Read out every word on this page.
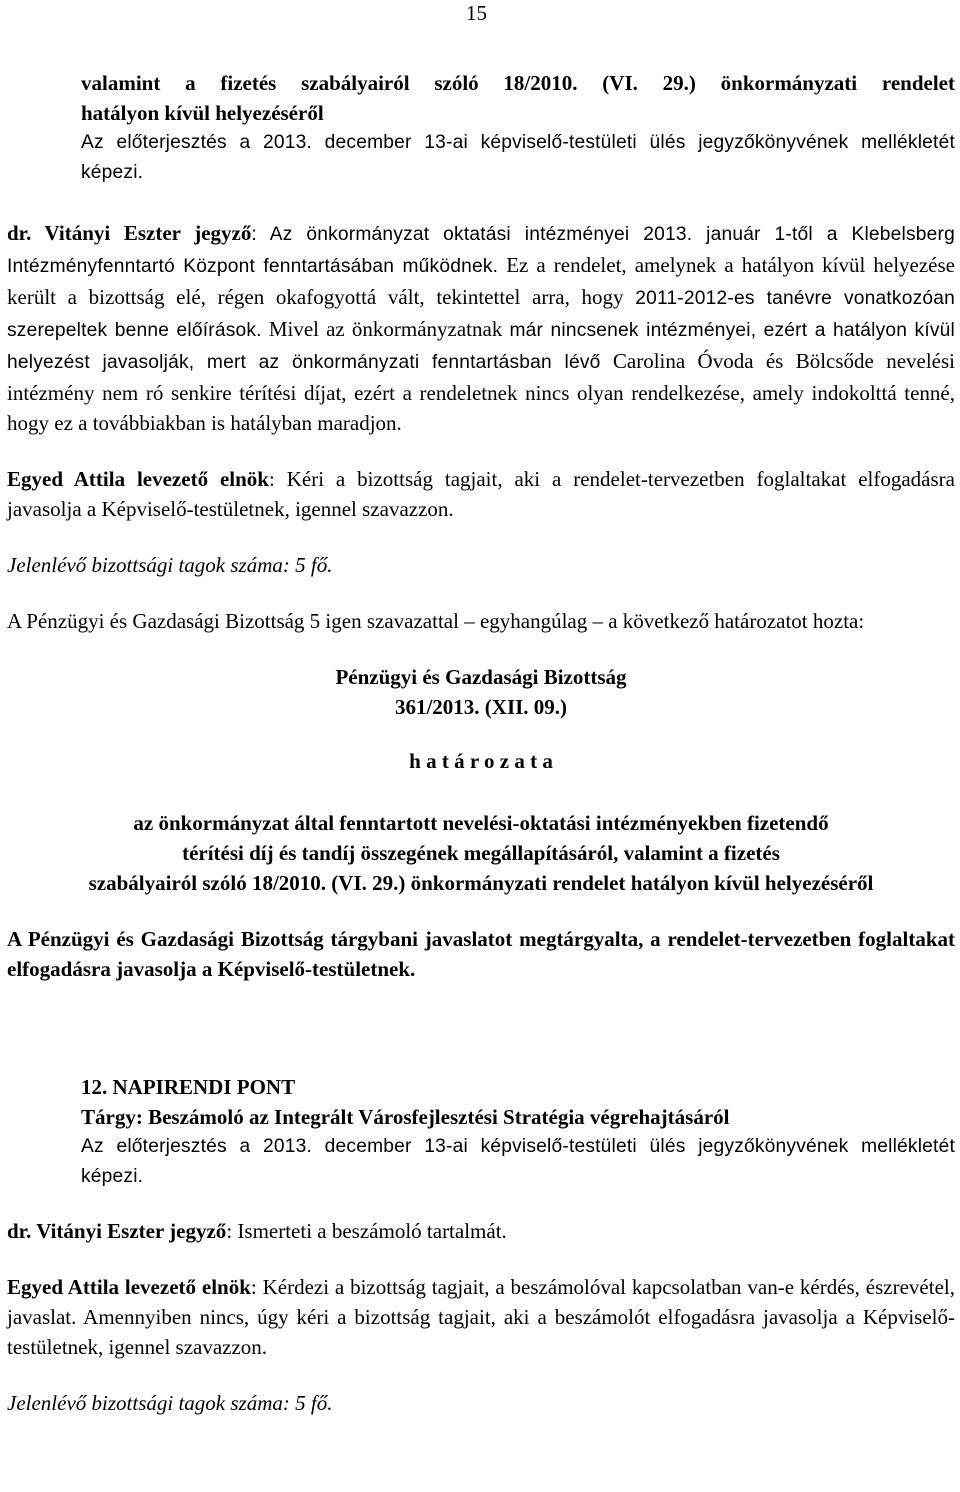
15

valamint a fizetés szabályairól szóló 18/2010. (VI. 29.) önkormányzati rendelet

hatályon kívül helyezéséről

Az előterjesztés a 2013. december 13-ai képviselő-testületi ülés jegyzőkönyvének mellékletét képezi.

dr. Vitányi Eszter jegyző: Az önkormányzat oktatási intézményei 2013. január 1-től a Klebelsberg Intézményfenntartó Központ fenntartásában működnek. Ez a rendelet, amelynek a hatályon kívül helyezése került a bizottság elé, régen okafogyottá vált, tekintettel arra, hogy 2011-2012-es tanévre vonatkozóan szerepeltek benne előírások. Mivel az önkormányzatnak már nincsenek intézményei, ezért a hatályon kívül helyezést javasolják, mert az önkormányzati fenntartásban lévő Carolina Óvoda és Bölcsőde nevelési intézmény nem ró senkire térítési díjat, ezért a rendeletnek nincs olyan rendelkezése, amely indokolttá tenné, hogy ez a továbbiakban is hatályban maradjon.

Egyed Attila levezető elnök: Kéri a bizottság tagjait, aki a rendelet-tervezetben foglaltakat elfogadásra javasolja a Képviselő-testületnek, igennel szavazzon.

Jelenlévő bizottsági tagok száma: 5 fő.

A Pénzügyi és Gazdasági Bizottság 5 igen szavazattal – egyhangúlag – a következő határozatot hozta:

Pénzügyi és Gazdasági Bizottság

361/2013. (XII. 09.)

h a t á r o z a t a

az önkormányzat által fenntartott nevelési-oktatási intézményekben fizetendő

térítési díj és tandíj összegének megállapításáról, valamint a fizetés

szabályairól szóló 18/2010. (VI. 29.) önkormányzati rendelet hatályon kívül helyezéséről

A Pénzügyi és Gazdasági Bizottság tárgybani javaslatot megtárgyalta, a rendelet-tervezetben foglaltakat elfogadásra javasolja a Képviselő-testületnek.

12. NAPIRENDI PONT

Tárgy: Beszámoló az Integrált Városfejlesztési Stratégia végrehajtásáról

Az előterjesztés a 2013. december 13-ai képviselő-testületi ülés jegyzőkönyvének mellékletét képezi.

dr. Vitányi Eszter jegyző: Ismerteti a beszámoló tartalmát.

Egyed Attila levezető elnök: Kérdezi a bizottság tagjait, a beszámolóval kapcsolatban van-e kérdés, észrevétel, javaslat. Amennyiben nincs, úgy kéri a bizottság tagjait, aki a beszámolót elfogadásra javasolja a Képviselő-testületnek, igennel szavazzon.

Jelenlévő bizottsági tagok száma: 5 fő.
